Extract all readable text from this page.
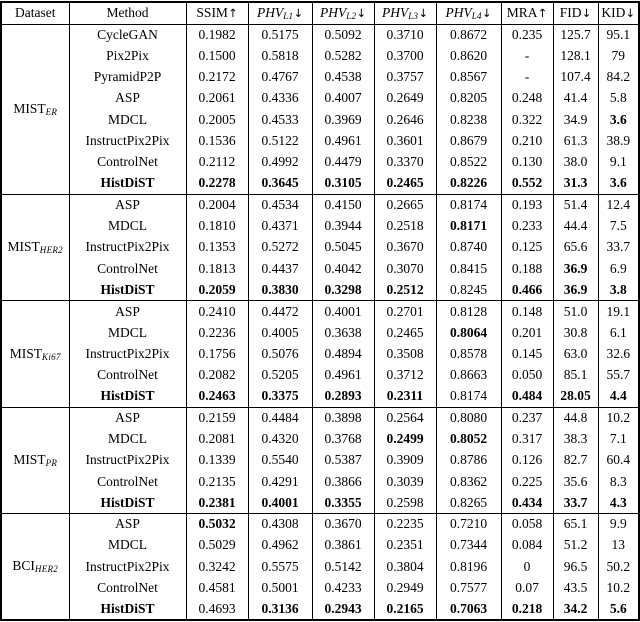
Dataset	Method	SSIM↑	$PHV_{L1}↓$	$PHV_{L2}↓$	$PHV_{L3}↓$	$PHV_{L4}↓$	MRA↑	FID↓	KID↓
$MIST_{ER}$	CycleGAN	0.1982	0.5175	0.5092	0.3710	0.8672	0.235	125.7	95.1
	Pix2Pix	0.1500	0.5818	0.5282	0.3700	0.8620	-	128.1	79
	PyramidP2P	0.2172	0.4767	0.4538	0.3757	0.8567	-	107.4	84.2
	ASP	0.2061	0.4336	0.4007	0.2649	0.8205	0.248	41.4	5.8
	MDCL	0.2005	0.4533	0.3969	0.2646	0.8238	0.322	34.9	3.6
	InstructPix2Pix	0.1536	0.5122	0.4961	0.3601	0.8679	0.210	61.3	38.9
	ControlNet	0.2112	0.4992	0.4479	0.3370	0.8522	0.130	38.0	9.1
	HistDiST	0.2278	0.3645	0.3105	0.2465	0.8226	0.552	31.3	3.6
$MIST_{HER2}$	ASP	0.2004	0.4534	0.4150	0.2665	0.8174	0.193	51.4	12.4
	MDCL	0.1810	0.4371	0.3944	0.2518	0.8171	0.233	44.4	7.5
	InstructPix2Pix	0.1353	0.5272	0.5045	0.3670	0.8740	0.125	65.6	33.7
	ControlNet	0.1813	0.4437	0.4042	0.3070	0.8415	0.188	36.9	6.9
	HistDiST	0.2059	0.3830	0.3298	0.2512	0.8245	0.466	36.9	3.8
$MIST_{Ki67}$	ASP	0.2410	0.4472	0.4001	0.2701	0.8128	0.148	51.0	19.1
	MDCL	0.2236	0.4005	0.3638	0.2465	0.8064	0.201	30.8	6.1
	InstructPix2Pix	0.1756	0.5076	0.4894	0.3508	0.8578	0.145	63.0	32.6
	ControlNet	0.2082	0.5205	0.4961	0.3712	0.8663	0.050	85.1	55.7
	HistDiST	0.2463	0.3375	0.2893	0.2311	0.8174	0.484	28.05	4.4
$MIST_{PR}$	ASP	0.2159	0.4484	0.3898	0.2564	0.8080	0.237	44.8	10.2
	MDCL	0.2081	0.4320	0.3768	0.2499	0.8052	0.317	38.3	7.1
	InstructPix2Pix	0.1339	0.5540	0.5387	0.3909	0.8786	0.126	82.7	60.4
	ControlNet	0.2135	0.4291	0.3866	0.3039	0.8362	0.225	35.6	8.3
	HistDiST	0.2381	0.4001	0.3355	0.2598	0.8265	0.434	33.7	4.3
$BCI_{HER2}$	ASP	0.5032	0.4308	0.3670	0.2235	0.7210	0.058	65.1	9.9
	MDCL	0.5029	0.4962	0.3861	0.2351	0.7344	0.084	51.2	13
	InstructPix2Pix	0.3242	0.5575	0.5142	0.3804	0.8196	0	96.5	50.2
	ControlNet	0.4581	0.5001	0.4233	0.2949	0.7577	0.07	43.5	10.2
	HistDiST	0.4693	0.3136	0.2943	0.2165	0.7063	0.218	34.2	5.6
